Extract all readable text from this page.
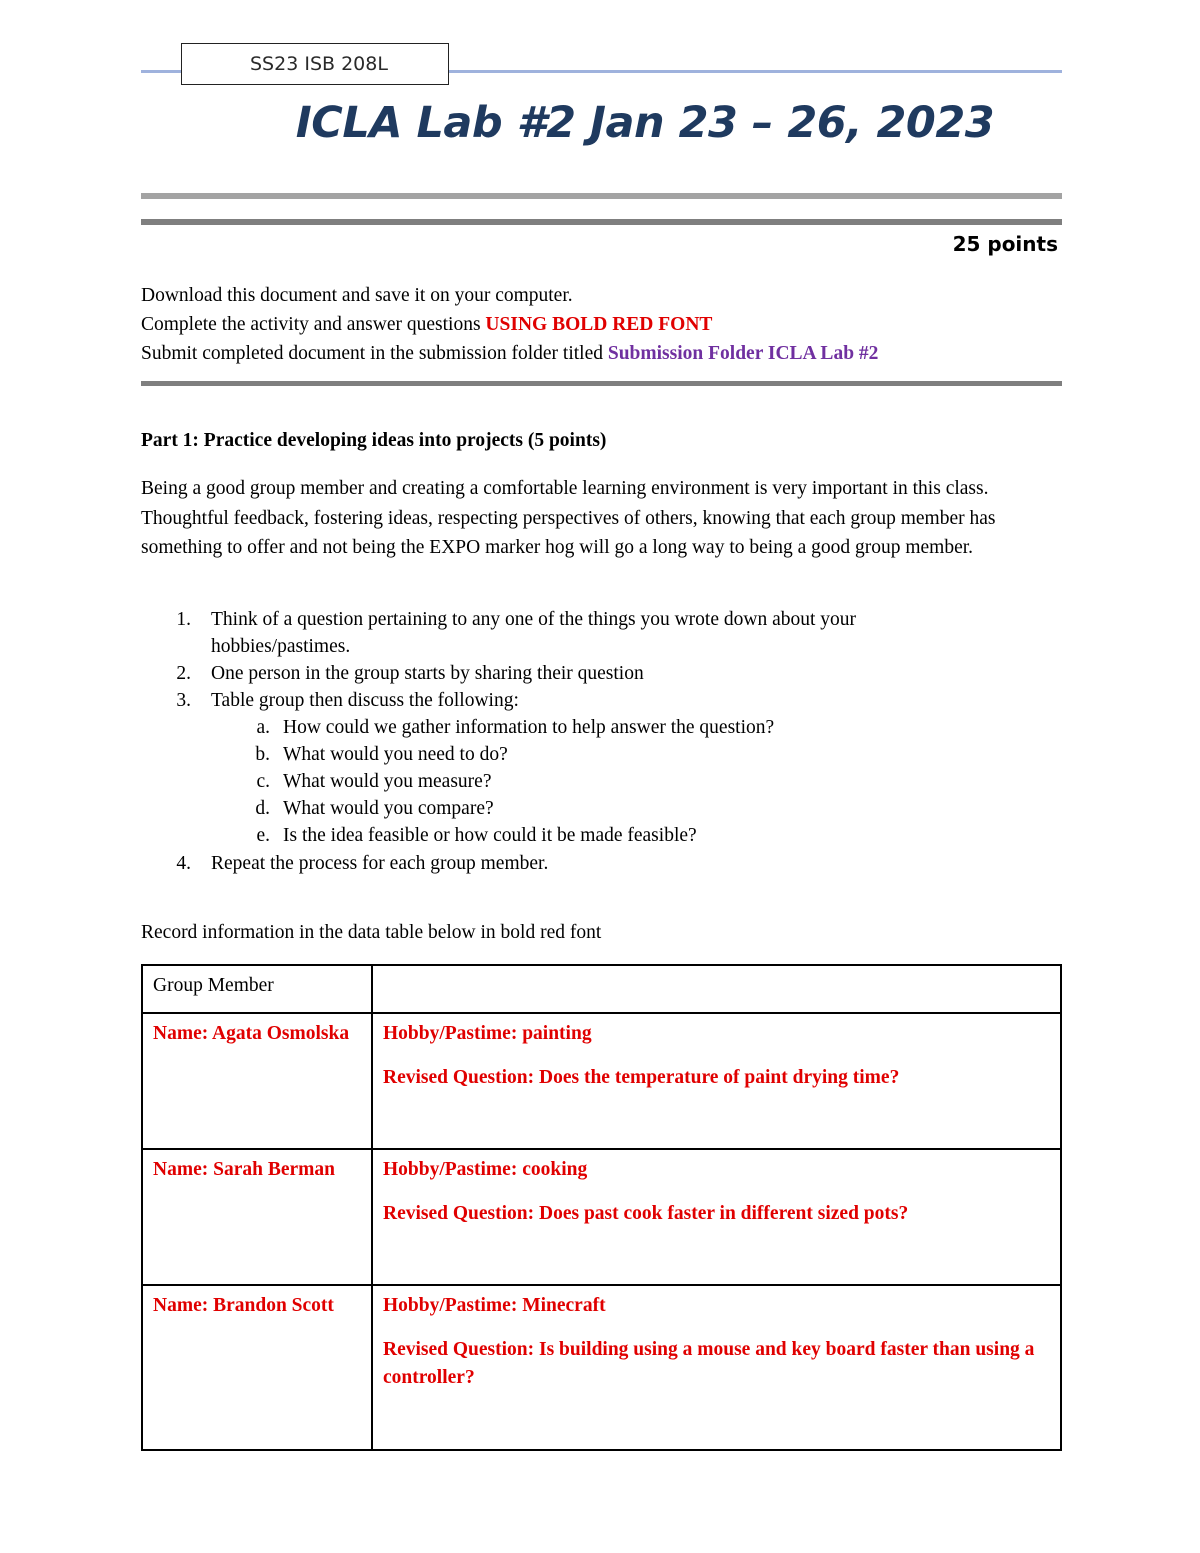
SS23 ISB 208L
ICLA Lab #2 Jan 23 – 26, 2023
25 points
Download this document and save it on your computer.
Complete the activity and answer questions USING BOLD RED FONT
Submit completed document in the submission folder titled Submission Folder ICLA Lab #2
Part 1: Practice developing ideas into projects (5 points)
Being a good group member and creating a comfortable learning environment is very important in this class. Thoughtful feedback, fostering ideas, respecting perspectives of others, knowing that each group member has something to offer and not being the EXPO marker hog will go a long way to being a good group member.
1. Think of a question pertaining to any one of the things you wrote down about your
hobbies/pastimes.
2. One person in the group starts by sharing their question
3. Table group then discuss the following:
a. How could we gather information to help answer the question?
b. What would you need to do?
c. What would you measure?
d. What would you compare?
e. Is the idea feasible or how could it be made feasible?
4. Repeat the process for each group member.
Record information in the data table below in bold red font
Group Member	
Name: Agata Osmolska	Hobby/Pastime: painting
Revised Question: Does the temperature of paint drying time?

Name: Sarah Berman	Hobby/Pastime: cooking
Revised Question: Does past cook faster in different sized pots?

Name: Brandon Scott	Hobby/Pastime: Minecraft
Revised Question: Is building using a mouse and key board faster than using a controller?
